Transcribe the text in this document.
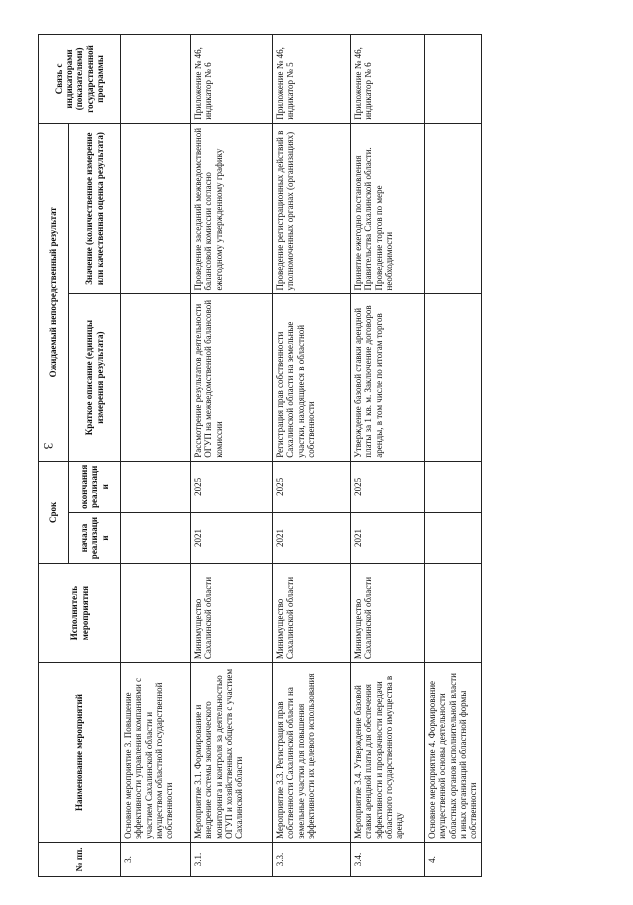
3
№ пп.	Наименование мероприятий	Исполнитель мероприятия	Срок		Ожидаемый непосредственный результат		Связь с индикаторами (показателями) государственной программы
			начала реализации	окончания реализации	Краткое описание (единицы измерения результата)	Значение (количественное измерение или качественная оценка результата)	
3.	Основное мероприятие 3. Повышение эффективности управления компаниями с участием Сахалинской области и имуществом областной государственной собственности						
3.1.	Мероприятие 3.1. Формирование и внедрение системы экономического мониторинга и контроля за деятельностью ОГУП и хозяйственных обществ с участием Сахалинской области	Минимущество Сахалинской области	2021	2025	Рассмотрение результатов деятельности ОГУП на межведомственной балансовой комиссии	Проведение заседаний межведомственной балансовой комиссии согласно ежегодному утвержденному графику	Приложение № 46, индикатор № 6
3.3.	Мероприятие 3.3. Регистрация прав собственности Сахалинской области на земельные участки для повышения эффективности их целевого использования	Минимущество Сахалинской области	2021	2025	Регистрация прав собственности Сахалинской области на земельные участки, находящиеся в областной собственности	Проведение регистрационных действий в уполномоченных органах (организациях)	Приложение № 46, индикатор № 5
3.4.	Мероприятие 3.4. Утверждение базовой ставки арендной платы для обеспечения эффективности и прозрачности передачи областного государственного имущества в аренду	Минимущество Сахалинской области	2021	2025	Утверждение базовой ставки арендной платы за 1 кв. м. Заключение договоров аренды, в том числе по итогам торгов	Принятие ежегодно постановления Правительства Сахалинской области. Проведение торгов по мере необходимости	Приложение № 46, индикатор № 6
4.	Основное мероприятие 4. Формирование имущественной основы деятельности областных органов исполнительной власти и иных организаций областной формы собственности						
